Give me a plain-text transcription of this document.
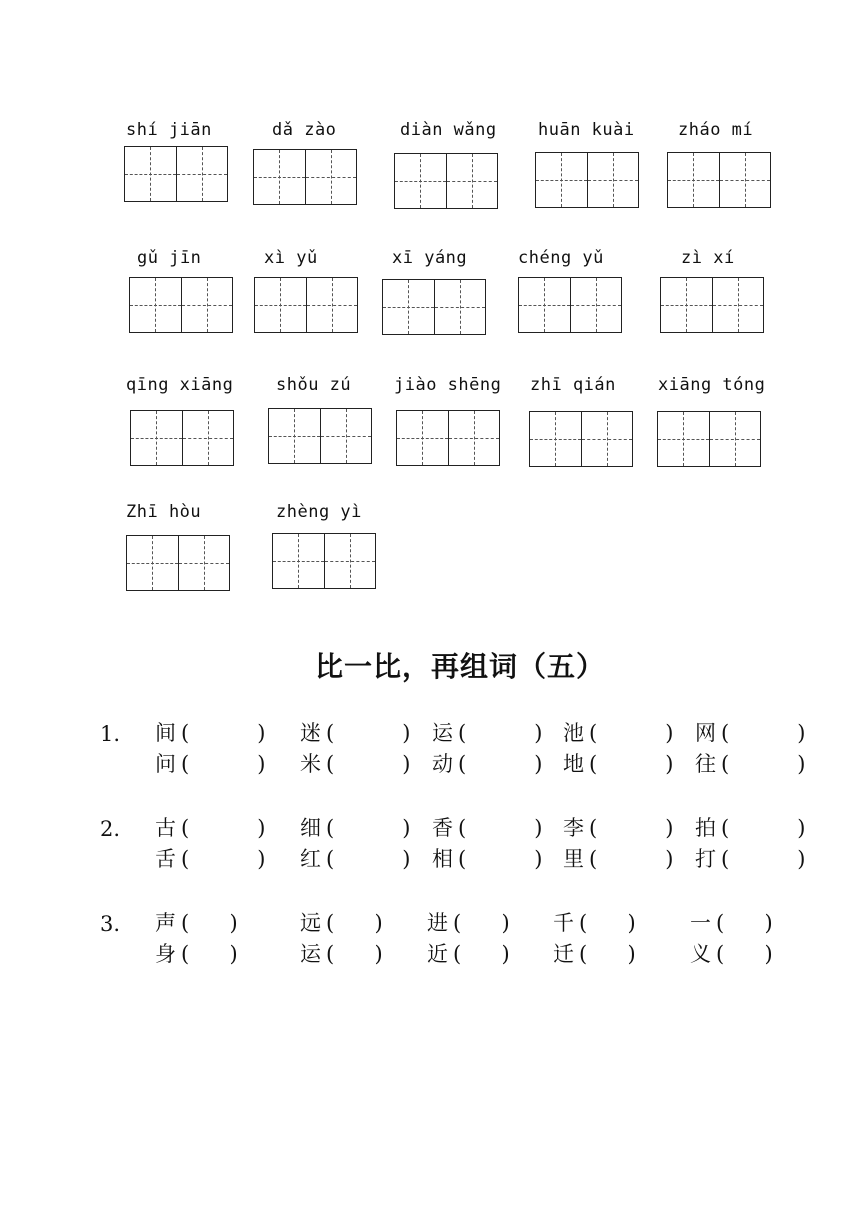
shí jiān	dǎ zào	diàn wǎng huān kuài	zháo mí
gǔ jīn	xì yǔ	xī yáng	chéng yǔ	zì xí
qīng xiāng	shǒu zú	jiào shēng zhī qián xiāng tóng
Zhī hòu	zhèng yì
比一比，再组词（五）
1. 间 (   )	迷 (   ) 运 (   ) 池 (   ) 网 (   )
问 (   )	米 (   ) 动 (   ) 地 (   ) 往 (   )
2. 古 (   )	细 (   ) 香 (   ) 李 (   ) 拍 (   )
舌 (   )	红 (   ) 相 (   ) 里 (   ) 打 (   )
3. 声 (  )	远 (  )	进 (  )	千 (  )	一 (  )
身 (  )	运 (  )	近 (  )	迁 (  )	义 (  )
